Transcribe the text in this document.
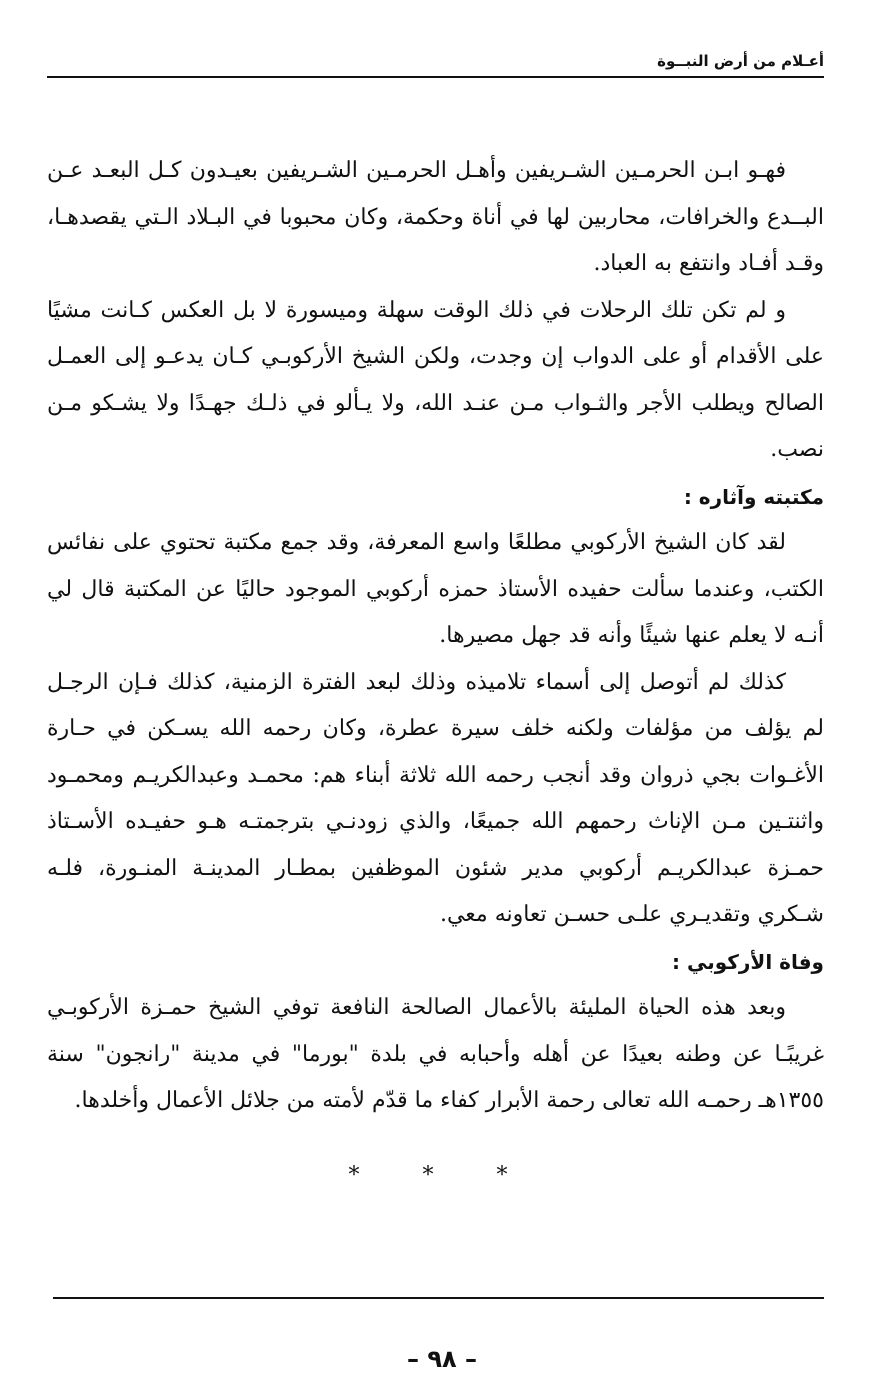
أعـلام من أرض النبــوة

فهـو ابـن الحرمـين الشـريفين وأهـل الحرمـين الشـريفين بعيـدون كـل البعـد عـن البــدع والخرافات، محاربين لها في أناة وحكمة، وكان محبوبا في البـلاد الـتي يقصدهـا، وقـد أفـاد وانتفع به العباد.

و لم تكن تلك الرحلات في ذلك الوقت سهلة وميسورة لا بل العكس كـانت مشيًا على الأقدام أو على الدواب إن وجدت، ولكن الشيخ الأركوبـي كـان يدعـو إلى العمـل الصالح ويطلب الأجر والثـواب مـن عنـد الله، ولا يـألو في ذلـك جهـدًا ولا يشـكو مـن نصب.

مكتبته وآثاره :

لقد كان الشيخ الأركوبي مطلعًا واسع المعرفة، وقد جمع مكتبة تحتوي على نفائس الكتب، وعندما سألت حفيده الأستاذ حمزه أركوبي الموجود حاليًا عن المكتبة قال لي أنـه لا يعلم عنها شيئًا وأنه قد جهل مصيرها.

كذلك لم أتوصل إلى أسماء تلاميذه وذلك لبعد الفترة الزمنية، كذلك فـإن الرجـل لم يؤلف من مؤلفات ولكنه خلف سيرة عطرة، وكان رحمه الله يسـكن في حـارة الأغـوات بجي ذروان وقد أنجب رحمه الله ثلاثة أبناء هم: محمـد وعبدالكريـم ومحمـود واثنتـين مـن الإناث رحمهم الله جميعًا، والذي زودنـي بترجمتـه هـو حفيـده الأسـتاذ حمـزة عبدالكريـم أركوبي مدير شئون الموظفين بمطـار المدينـة المنـورة، فلـه شـكري وتقديـري علـى حسـن تعاونه معي.

وفاة الأركوبي :

وبعد هذه الحياة المليئة بالأعمال الصالحة النافعة توفي الشيخ حمـزة الأركوبـي غريبًـا عن وطنه بعيدًا عن أهله وأحبابه في بلدة "بورما" في مدينة "رانجون" سنة ١٣٥٥هـ رحمـه الله تعالى رحمة الأبرار كفاء ما قدّم لأمته من جلائل الأعمال وأخلدها.

* * *
– ٩٨ –
